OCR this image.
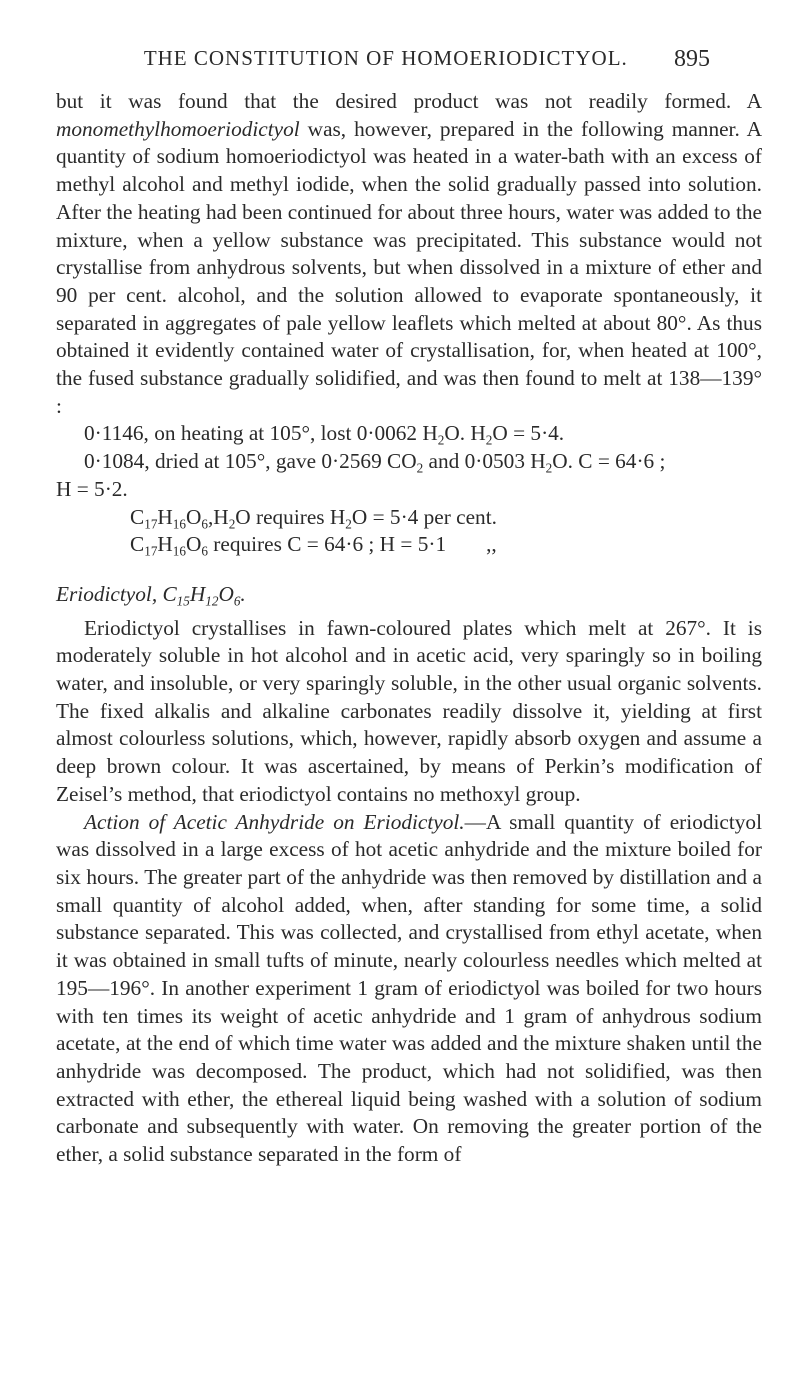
THE CONSTITUTION OF HOMOERIODICTYOL. 895

but it was found that the desired product was not readily formed. A monomethylhomoeriodictyol was, however, prepared in the following manner. A quantity of sodium homoeriodictyol was heated in a water-bath with an excess of methyl alcohol and methyl iodide, when the solid gradually passed into solution. After the heating had been continued for about three hours, water was added to the mixture, when a yellow substance was precipitated. This substance would not crystallise from anhydrous solvents, but when dissolved in a mixture of ether and 90 per cent. alcohol, and the solution allowed to evaporate spontaneously, it separated in aggregates of pale yellow leaflets which melted at about 80°. As thus obtained it evidently contained water of crystallisation, for, when heated at 100°, the fused substance gradually solidified, and was then found to melt at 138—139° :

0·1146, on heating at 105°, lost 0·0062 $H_2O$. $H_2O = 5\cdot 4$.
0·1084, dried at 105°, gave 0·2569 $CO_2$ and 0·0503 $H_2O$. C = 64·6 ;
H = 5·2.
$C_{17}H_{16}O_6,H_2O$ requires $H_2O = 5\cdot 4$ per cent.
$C_{17}H_{16}O_6$ requires C = 64·6 ; H = 5·1 ,,

Eriodictyol, $C_{15}H_{12}O_6$.

Eriodictyol crystallises in fawn-coloured plates which melt at 267°. It is moderately soluble in hot alcohol and in acetic acid, very sparingly so in boiling water, and insoluble, or very sparingly soluble, in the other usual organic solvents. The fixed alkalis and alkaline carbonates readily dissolve it, yielding at first almost colourless solutions, which, however, rapidly absorb oxygen and assume a deep brown colour. It was ascertained, by means of Perkin’s modification of Zeisel’s method, that eriodictyol contains no methoxyl group.

Action of Acetic Anhydride on Eriodictyol.—A small quantity of eriodictyol was dissolved in a large excess of hot acetic anhydride and the mixture boiled for six hours. The greater part of the anhydride was then removed by distillation and a small quantity of alcohol added, when, after standing for some time, a solid substance separated. This was collected, and crystallised from ethyl acetate, when it was obtained in small tufts of minute, nearly colourless needles which melted at 195—196°. In another experiment 1 gram of eriodictyol was boiled for two hours with ten times its weight of acetic anhydride and 1 gram of anhydrous sodium acetate, at the end of which time water was added and the mixture shaken until the anhydride was decomposed. The product, which had not solidified, was then extracted with ether, the ethereal liquid being washed with a solution of sodium carbonate and subsequently with water. On removing the greater portion of the ether, a solid substance separated in the form of
